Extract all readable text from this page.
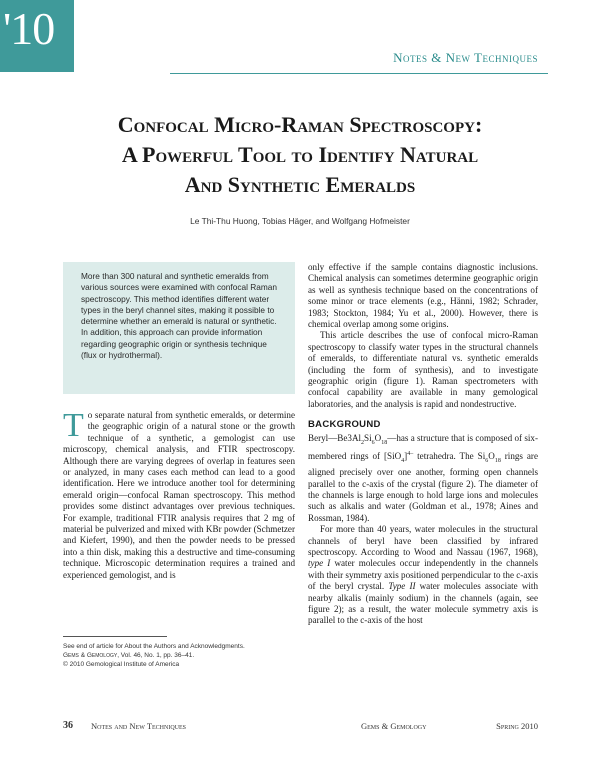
'10
Notes & New Techniques
Confocal Micro-Raman Spectroscopy:
A Powerful Tool to Identify Natural
And Synthetic Emeralds
Le Thi-Thu Huong, Tobias Häger, and Wolfgang Hofmeister
More than 300 natural and synthetic emeralds from various sources were examined with confocal Raman spectroscopy. This method identifies different water types in the beryl channel sites, making it possible to determine whether an emerald is natural or synthetic. In addition, this approach can provide information regarding geographic origin or synthesis technique (flux or hydrothermal).

To separate natural from synthetic emeralds, or determine the geographic origin of a natural stone or the growth technique of a synthetic, a gemologist can use microscopy, chemical analysis, and FTIR spectroscopy. Although there are varying degrees of overlap in features seen or analyzed, in many cases each method can lead to a good identification. Here we introduce another tool for determining emerald origin—confocal Raman spectroscopy. This method provides some distinct advantages over previous techniques. For example, traditional FTIR analysis requires that 2 mg of material be pulverized and mixed with KBr powder (Schmetzer and Kiefert, 1990), and then the powder needs to be pressed into a thin disk, making this a destructive and time-consuming technique. Microscopic determination requires a trained and experienced gemologist, and is

only effective if the sample contains diagnostic inclusions. Chemical analysis can sometimes determine geographic origin as well as synthesis technique based on the concentrations of some minor or trace elements (e.g., Hänni, 1982; Schrader, 1983; Stockton, 1984; Yu et al., 2000). However, there is chemical overlap among some origins.

This article describes the use of confocal micro-Raman spectroscopy to classify water types in the structural channels of emeralds, to differentiate natural vs. synthetic emeralds (including the form of synthesis), and to investigate geographic origin (figure 1). Raman spectrometers with confocal capability are available in many gemological laboratories, and the analysis is rapid and nondestructive.

BACKGROUND

$Beryl—Be3Al_2Si_6O_{18}—has$ a structure that is composed of six-membered rings of $[SiO_4]^{4-}$ tetrahedra. The $Si_6O_{18}$ rings are aligned precisely over one another, forming open channels parallel to the c-axis of the crystal (figure 2). The diameter of the channels is large enough to hold large ions and molecules such as alkalis and water (Goldman et al., 1978; Aines and Rossman, 1984).

For more than 40 years, water molecules in the structural channels of beryl have been classified by infrared spectroscopy. According to Wood and Nassau (1967, 1968), type I water molecules occur independently in the channels with their symmetry axis positioned perpendicular to the c-axis of the beryl crystal. Type II water molecules associate with nearby alkalis (mainly sodium) in the channels (again, see figure 2); as a result, the water molecule symmetry axis is parallel to the c-axis of the host

See end of article for About the Authors and Acknowledgments.
Gems & Gemology, Vol. 46, No. 1, pp. 36–41.
© 2010 Gemological Institute of America
36 Notes and New Techniques	Gems & Gemology	Spring 2010
